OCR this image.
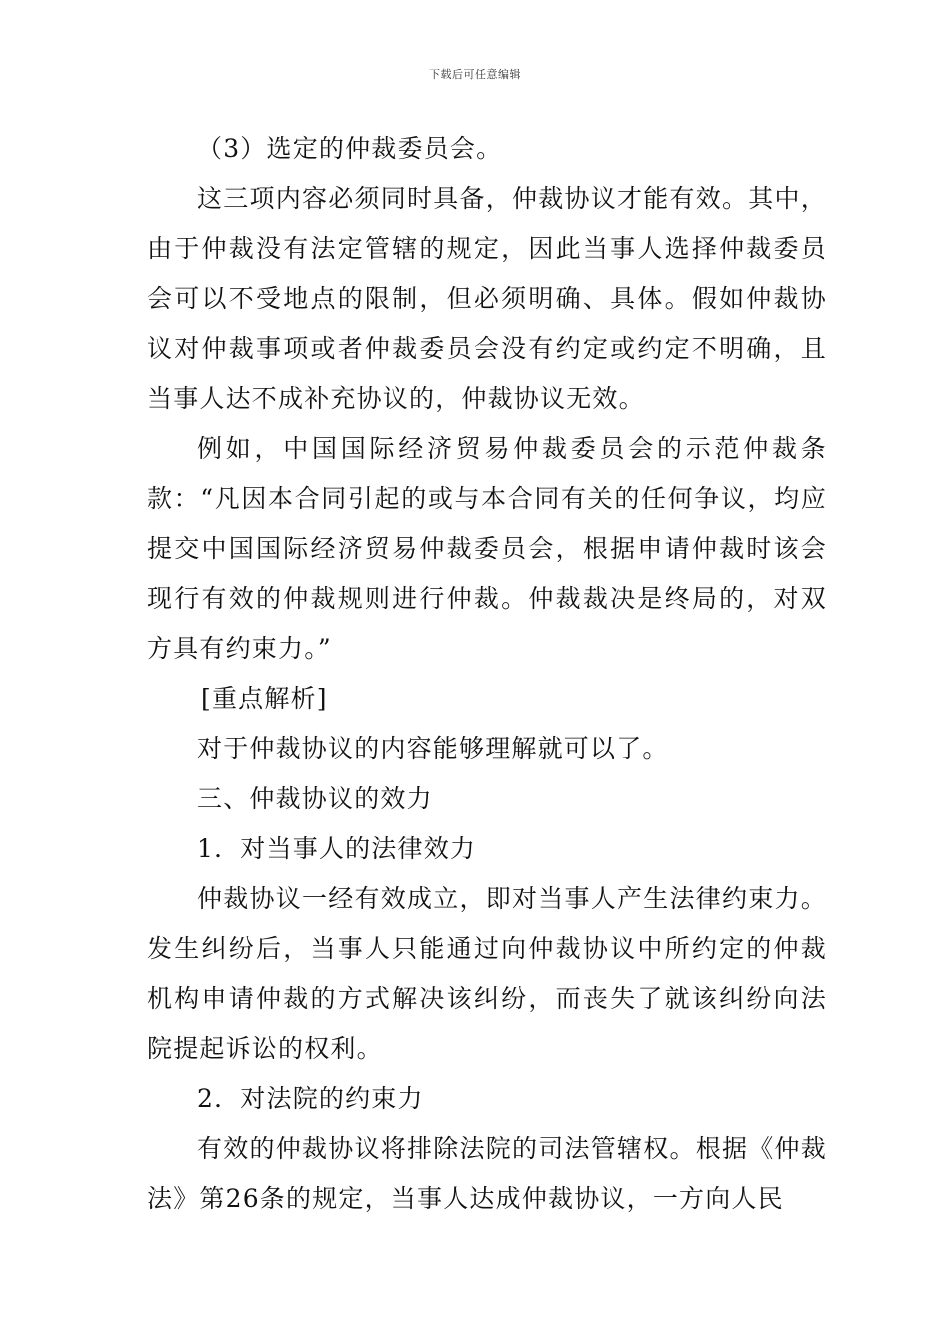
下载后可任意编辑

（3）选定的仲裁委员会。

这三项内容必须同时具备，仲裁协议才能有效。其中，由于仲裁没有法定管辖的规定，因此当事人选择仲裁委员会可以不受地点的限制，但必须明确、具体。假如仲裁协议对仲裁事项或者仲裁委员会没有约定或约定不明确，且当事人达不成补充协议的，仲裁协议无效。

例如，中国国际经济贸易仲裁委员会的示范仲裁条款：“凡因本合同引起的或与本合同有关的任何争议，均应提交中国国际经济贸易仲裁委员会，根据申请仲裁时该会现行有效的仲裁规则进行仲裁。仲裁裁决是终局的，对双方具有约束力。”

[重点解析]

对于仲裁协议的内容能够理解就可以了。

三、仲裁协议的效力

1．对当事人的法律效力

仲裁协议一经有效成立，即对当事人产生法律约束力。发生纠纷后，当事人只能通过向仲裁协议中所约定的仲裁机构申请仲裁的方式解决该纠纷，而丧失了就该纠纷向法院提起诉讼的权利。

2．对法院的约束力

有效的仲裁协议将排除法院的司法管辖权。根据《仲裁法》第26条的规定，当事人达成仲裁协议，一方向人民
